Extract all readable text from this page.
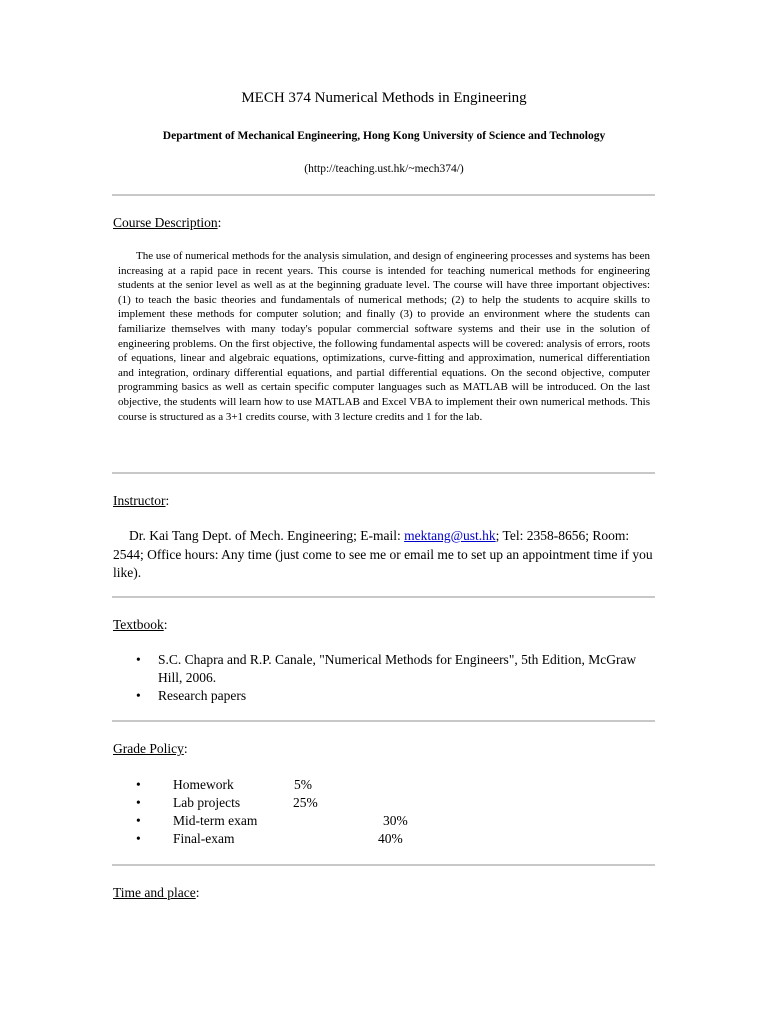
MECH 374 Numerical Methods in Engineering
Department of Mechanical Engineering, Hong Kong University of Science and Technology
(http://teaching.ust.hk/~mech374/)
Course Description:

The use of numerical methods for the analysis simulation, and design of engineering processes and systems has been increasing at a rapid pace in recent years. This course is intended for teaching numerical methods for engineering students at the senior level as well as at the beginning graduate level. The course will have three important objectives: (1) to teach the basic theories and fundamentals of numerical methods; (2) to help the students to acquire skills to implement these methods for computer solution; and finally (3) to provide an environment where the students can familiarize themselves with many today's popular commercial software systems and their use in the solution of engineering problems. On the first objective, the following fundamental aspects will be covered: analysis of errors, roots of equations, linear and algebraic equations, optimizations, curve-fitting and approximation, numerical differentiation and integration, ordinary differential equations, and partial differential equations. On the second objective, computer programming basics as well as certain specific computer languages such as MATLAB will be introduced. On the last objective, the students will learn how to use MATLAB and Excel VBA to implement their own numerical methods. This course is structured as a 3+1 credits course, with 3 lecture credits and 1 for the lab.

Instructor:

Dr. Kai Tang Dept. of Mech. Engineering; E-mail: mektang@ust.hk; Tel: 2358-8656; Room: 2544; Office hours: Any time (just come to see me or email me to set up an appointment time if you like).

Textbook:
•	S.C. Chapra and R.P. Canale, "Numerical Methods for Engineers", 5th Edition, McGraw Hill, 2006.
•	Research papers
Grade Policy:
• Homework	5%
• Lab projects	25%
• Mid-term exam	30%
• Final-exam	40%
Time and place:
